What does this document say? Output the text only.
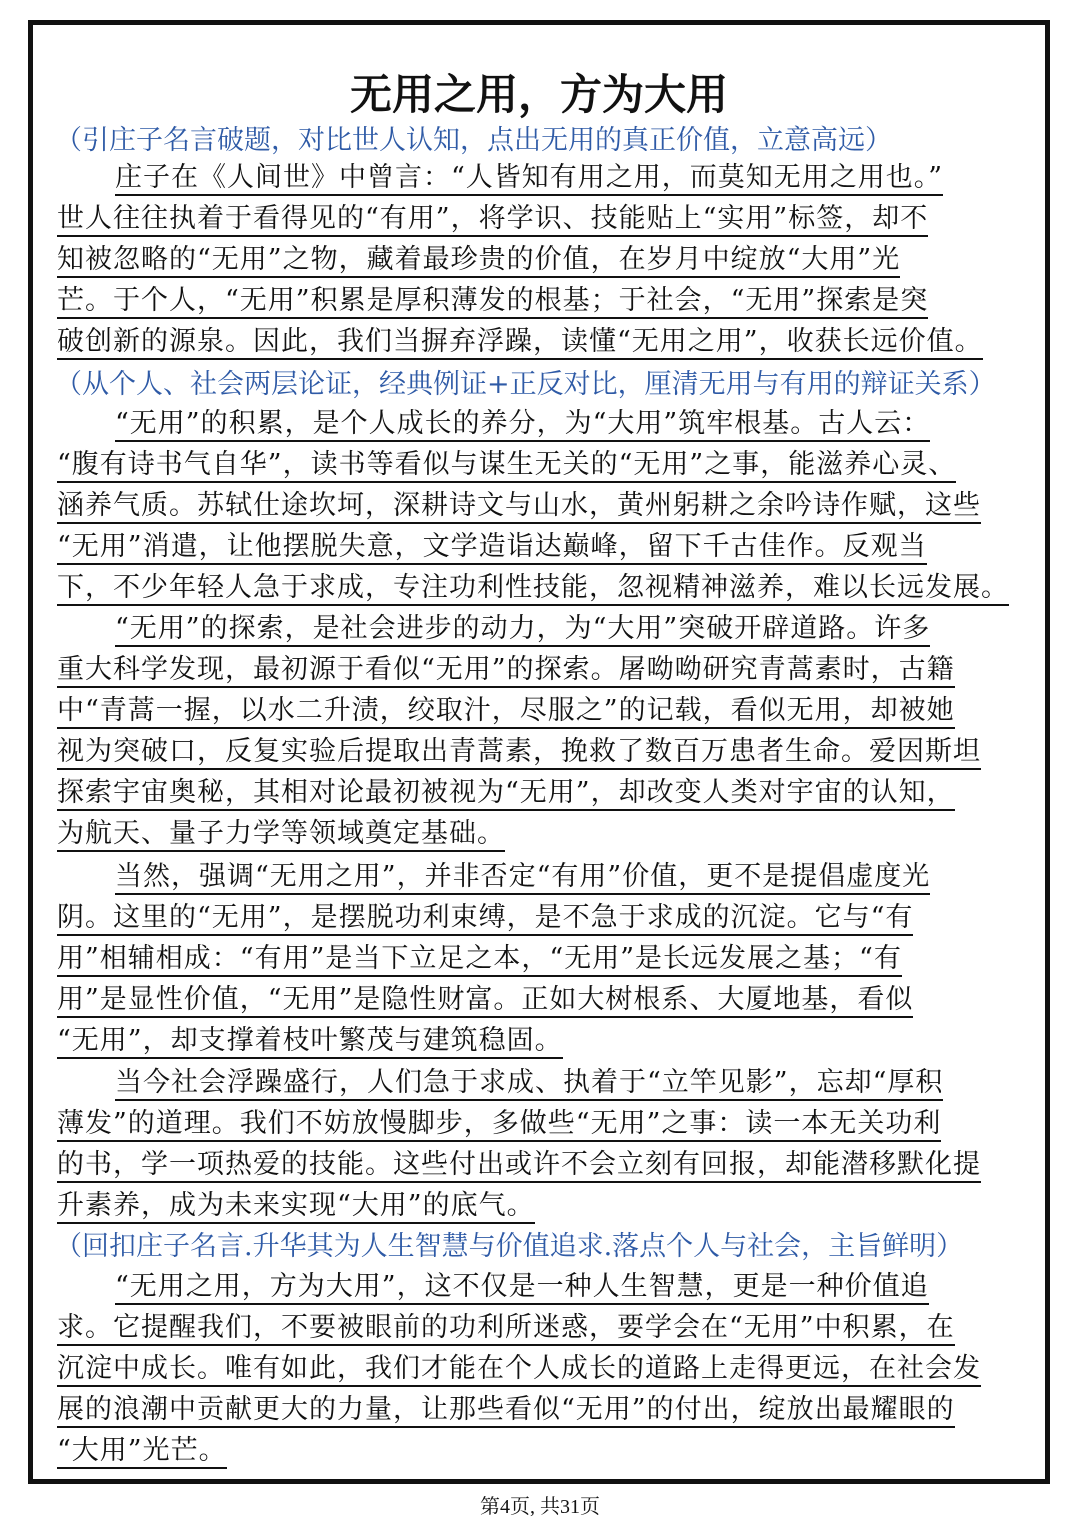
无用之用，方为大用
（引庄子名言破题，对比世人认知，点出无用的真正价值，立意高远）
庄子在《人间世》中曾言：“人皆知有用之用，而莫知无用之用也。”
世人往往执着于看得见的“有用”，将学识、技能贴上“实用”标签，却不
知被忽略的“无用”之物，藏着最珍贵的价值，在岁月中绽放“大用”光
芒。于个人，“无用”积累是厚积薄发的根基；于社会，“无用”探索是突
破创新的源泉。因此，我们当摒弃浮躁，读懂“无用之用”，收获长远价值。
（从个人、社会两层论证，经典例证+正反对比，厘清无用与有用的辩证关系）
“无用”的积累，是个人成长的养分，为“大用”筑牢根基。古人云：
“腹有诗书气自华”，读书等看似与谋生无关的“无用”之事，能滋养心灵、
涵养气质。苏轼仕途坎坷，深耕诗文与山水，黄州躬耕之余吟诗作赋，这些
“无用”消遣，让他摆脱失意，文学造诣达巅峰，留下千古佳作。反观当
下，不少年轻人急于求成，专注功利性技能，忽视精神滋养，难以长远发展。
“无用”的探索，是社会进步的动力，为“大用”突破开辟道路。许多
重大科学发现，最初源于看似“无用”的探索。屠呦呦研究青蒿素时，古籍
中“青蒿一握，以水二升渍，绞取汁，尽服之”的记载，看似无用，却被她
视为突破口，反复实验后提取出青蒿素，挽救了数百万患者生命。爱因斯坦
探索宇宙奥秘，其相对论最初被视为“无用”，却改变人类对宇宙的认知，
为航天、量子力学等领域奠定基础。
当然，强调“无用之用”，并非否定“有用”价值，更不是提倡虚度光
阴。这里的“无用”，是摆脱功利束缚，是不急于求成的沉淀。它与“有
用”相辅相成：“有用”是当下立足之本，“无用”是长远发展之基；“有
用”是显性价值，“无用”是隐性财富。正如大树根系、大厦地基，看似
“无用”，却支撑着枝叶繁茂与建筑稳固。
当今社会浮躁盛行，人们急于求成、执着于“立竿见影”，忘却“厚积
薄发”的道理。我们不妨放慢脚步，多做些“无用”之事：读一本无关功利
的书，学一项热爱的技能。这些付出或许不会立刻有回报，却能潜移默化提
升素养，成为未来实现“大用”的底气。
（回扣庄子名言.升华其为人生智慧与价值追求.落点个人与社会，主旨鲜明）
“无用之用，方为大用”，这不仅是一种人生智慧，更是一种价值追
求。它提醒我们，不要被眼前的功利所迷惑，要学会在“无用”中积累，在
沉淀中成长。唯有如此，我们才能在个人成长的道路上走得更远，在社会发
展的浪潮中贡献更大的力量，让那些看似“无用”的付出，绽放出最耀眼的
“大用”光芒。
第4页, 共31页
